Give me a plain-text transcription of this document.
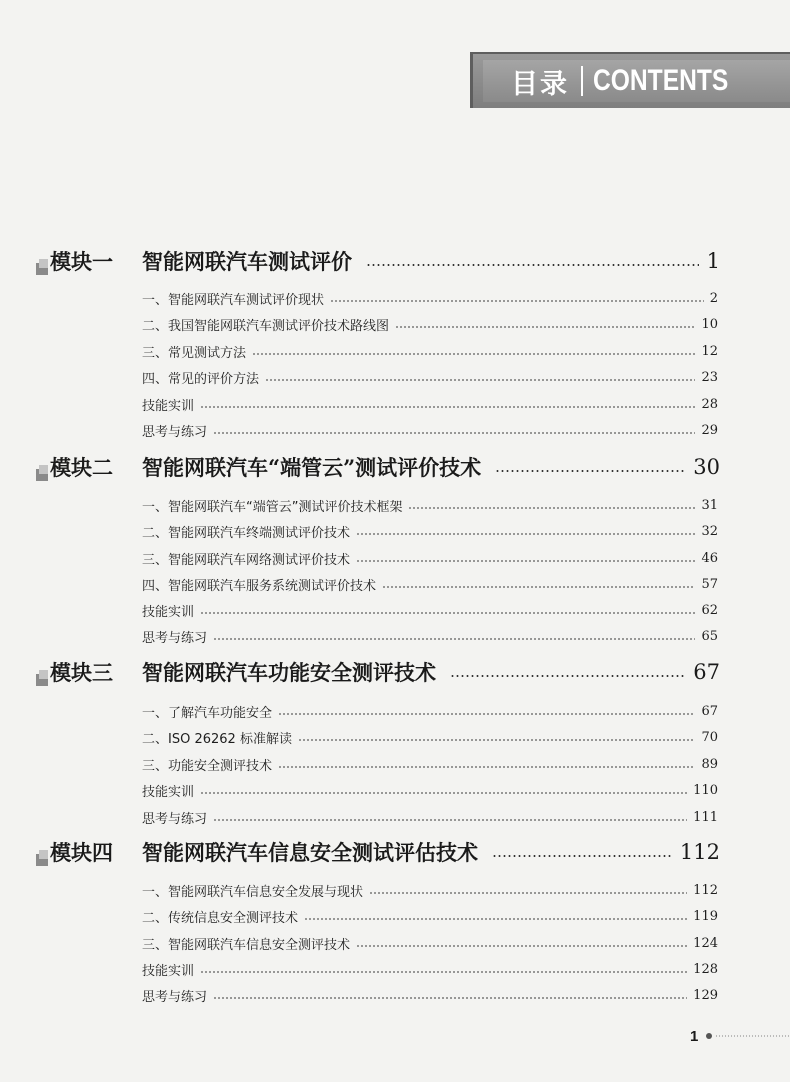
目录 CONTENTS
模块一	智能网联汽车测试评价	1
一、智能网联汽车测试评价现状	2
二、我国智能网联汽车测试评价技术路线图	10
三、常见测试方法	12
四、常见的评价方法	23
技能实训	28
思考与练习	29
模块二	智能网联汽车“端管云”测试评价技术	30
一、智能网联汽车“端管云”测试评价技术框架	31
二、智能网联汽车终端测试评价技术	32
三、智能网联汽车网络测试评价技术	46
四、智能网联汽车服务系统测试评价技术	57
技能实训	62
思考与练习	65
模块三	智能网联汽车功能安全测评技术	67
一、了解汽车功能安全	67
二、ISO 26262 标准解读	70
三、功能安全测评技术	89
技能实训	110
思考与练习	111
模块四	智能网联汽车信息安全测试评估技术	112
一、智能网联汽车信息安全发展与现状	112
二、传统信息安全测评技术	119
三、智能网联汽车信息安全测评技术	124
技能实训	128
思考与练习	129
1
